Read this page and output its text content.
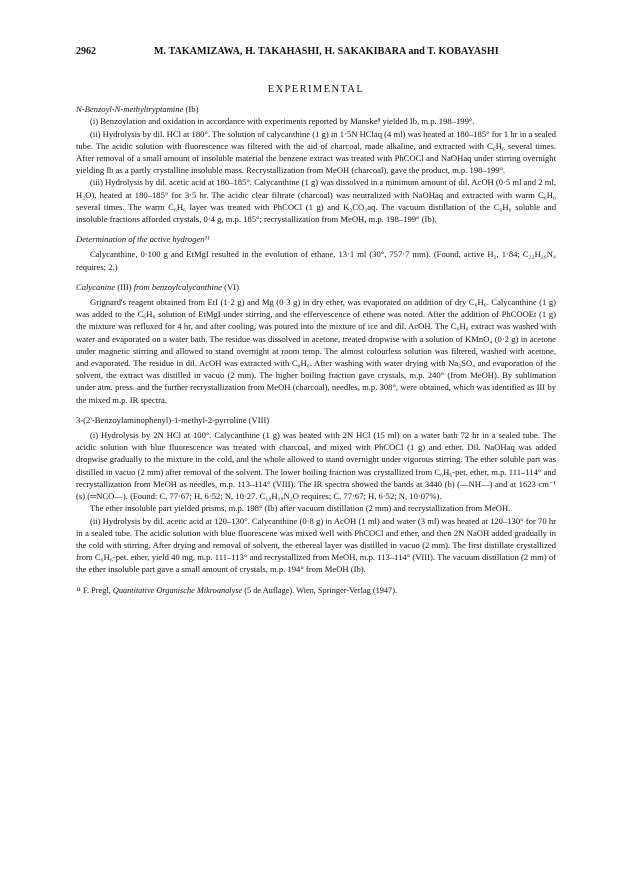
2962	M. TAKAMIZAWA, H. TAKAHASHI, H. SAKAKIBARA and T. KOBAYASHI
EXPERIMENTAL
N-Benzoyl-N-methyltryptamine (Ib)

(i) Benzoylation and oxidation in accordance with experiments reported by Manske⁸ yielded Ib, m.p. 198–199°.

(ii) Hydrolysis by dil. HCl at 180°. The solution of calycanthine (1 g) in 1·5N HClaq (4 ml) was heated at 180–185° for 1 hr in a sealed tube. The acidic solution with fluorescence was filtered with the aid of charcoal, made alkaline, and extracted with C₆H₆ several times. After removal of a small amount of insoluble material the benzene extract was treated with PhCOCl and NaOHaq under stirring overnight yielding Ib as a partly crystalline insoluble mass. Recrystallization from MeOH (charcoal), gave the product, m.p. 198–199°.

(iii) Hydrolysis by dil. acetic acid at 180–185°. Calycanthine (1 g) was dissolved in a minimum amount of dil. AcOH (0·5 ml and 2 ml, H₂O), heated at 180–185° for 3·5 hr. The acidic clear filtrate (charcoal) was neutralized with NaOHaq and extracted with warm C₆H₆ several times. The warm C₆H₆ layer was treated with PhCOCl (1 g) and K₂CO₃aq. The vacuum distillation of the C₆H₆ soluble and insoluble fractions afforded crystals, 0·4 g, m.p. 185°; recrystallization from MeOH, m.p. 198–199° (Ib).

Determination of the active hydrogen¹¹

Calycanthine, 0·100 g and EtMgI resulted in the evolution of ethane, 13·1 ml (30°, 757·7 mm). (Found, active H₂, 1·84; C₂₂H₂₆N₄ requires; 2.)

Calycanine (III) from benzoylcalycanthine (VI)

Grignard's reagent obtained from EtI (1·2 g) and Mg (0·3 g) in dry ether, was evaporated on addition of dry C₆H₆. Calycanthine (1 g) was added to the C₆H₆ solution of EtMgI under stirring, and the effervescence of ethene was noted. After the addition of PhCOOEt (1 g) the mixture was refluxed for 4 hr, and after cooling, was poured into the mixture of ice and dil. AcOH. The C₆H₆ extract was washed with water and evaporated on a water bath. The residue was dissolved in acetone, treated dropwise with a solution of KMnO₄ (0·2 g) in acetone under magnetic stirring and allowed to stand overnight at room temp. The almost colourless solution was filtered, washed with acetone, and evaporated. The residue in dil. AcOH was extracted with C₆H₆. After washing with water drying with Na₂SO₄ and evaporation of the solvent, the extract was distilled in vacuo (2 mm). The higher boiling fraction gave crystals, m.p. 240° (from MeOH). By sublimation under atm. press. and the further recrystallization from MeOH (charcoal), needles, m.p. 308°, were obtained, which was identified as III by the mixed m.p. IR spectra.

3-(2'-Benzoylaminophenyl)-1-methyl-2-pyrroline (VIII)

(i) Hydrolysis by 2N HCl at 100°. Calycanthine (1 g) was heated with 2N HCl (15 ml) on a water bath 72 hr in a sealed tube. The acidic solution with blue fluorescence was treated with charcoal, and mixed with PhCOCl (1 g) and ether. Dil. NaOHaq was added dropwise gradually to the mixture in the cold, and the whole allowed to stand overnight under vigorous stirring. The ether soluble part was distilled in vacuo (2 mm) after removal of the solvent. The lower boiling fraction was crystallized from C₆H₆-pet. ether, m.p. 111–114° and recrystallization from MeOH as needles, m.p. 113–114° (VIII). The IR spectra showed the bands at 3440 (b) (—NH—) and at 1623 cm⁻¹ (s) (═NCO—). (Found: C, 77·67; H, 6·52; N, 10·27. C₁₈H₁₈N₂O requires; C, 77·67; H, 6·52; N, 10·07%).

The ether insoluble part yielded prisms, m.p. 198° (Ib) after vacuum distillation (2 mm) and recrystallization from MeOH.

(ii) Hydrolysis by dil. acetic acid at 120–130°. Calycanthine (0·8 g) in AcOH (1 ml) and water (3 ml) was heated at 120–130° for 70 hr in a sealed tube. The acidic solution with blue fluorescene was mixed well with PhCOCl and ether, and then 2N NaOH added gradually in the cold with stirring. After drying and removal of solvent, the ethereal layer was distilled in vacuo (2 mm). The first distillate crystallized from C₆H₆-pet. ether, yield 40 mg, m.p. 111–113° and recrystallized from MeOH, m.p. 113–114° (VIII). The vacuum distillation (2 mm) of the ether insoluble part gave a small amount of crystals, m.p. 194° from MeOH (Ib).

¹¹ F. Pregl, Quantitative Organische Mikroanalyse (5 de Auflage). Wien, Springer-Verlag (1947).
